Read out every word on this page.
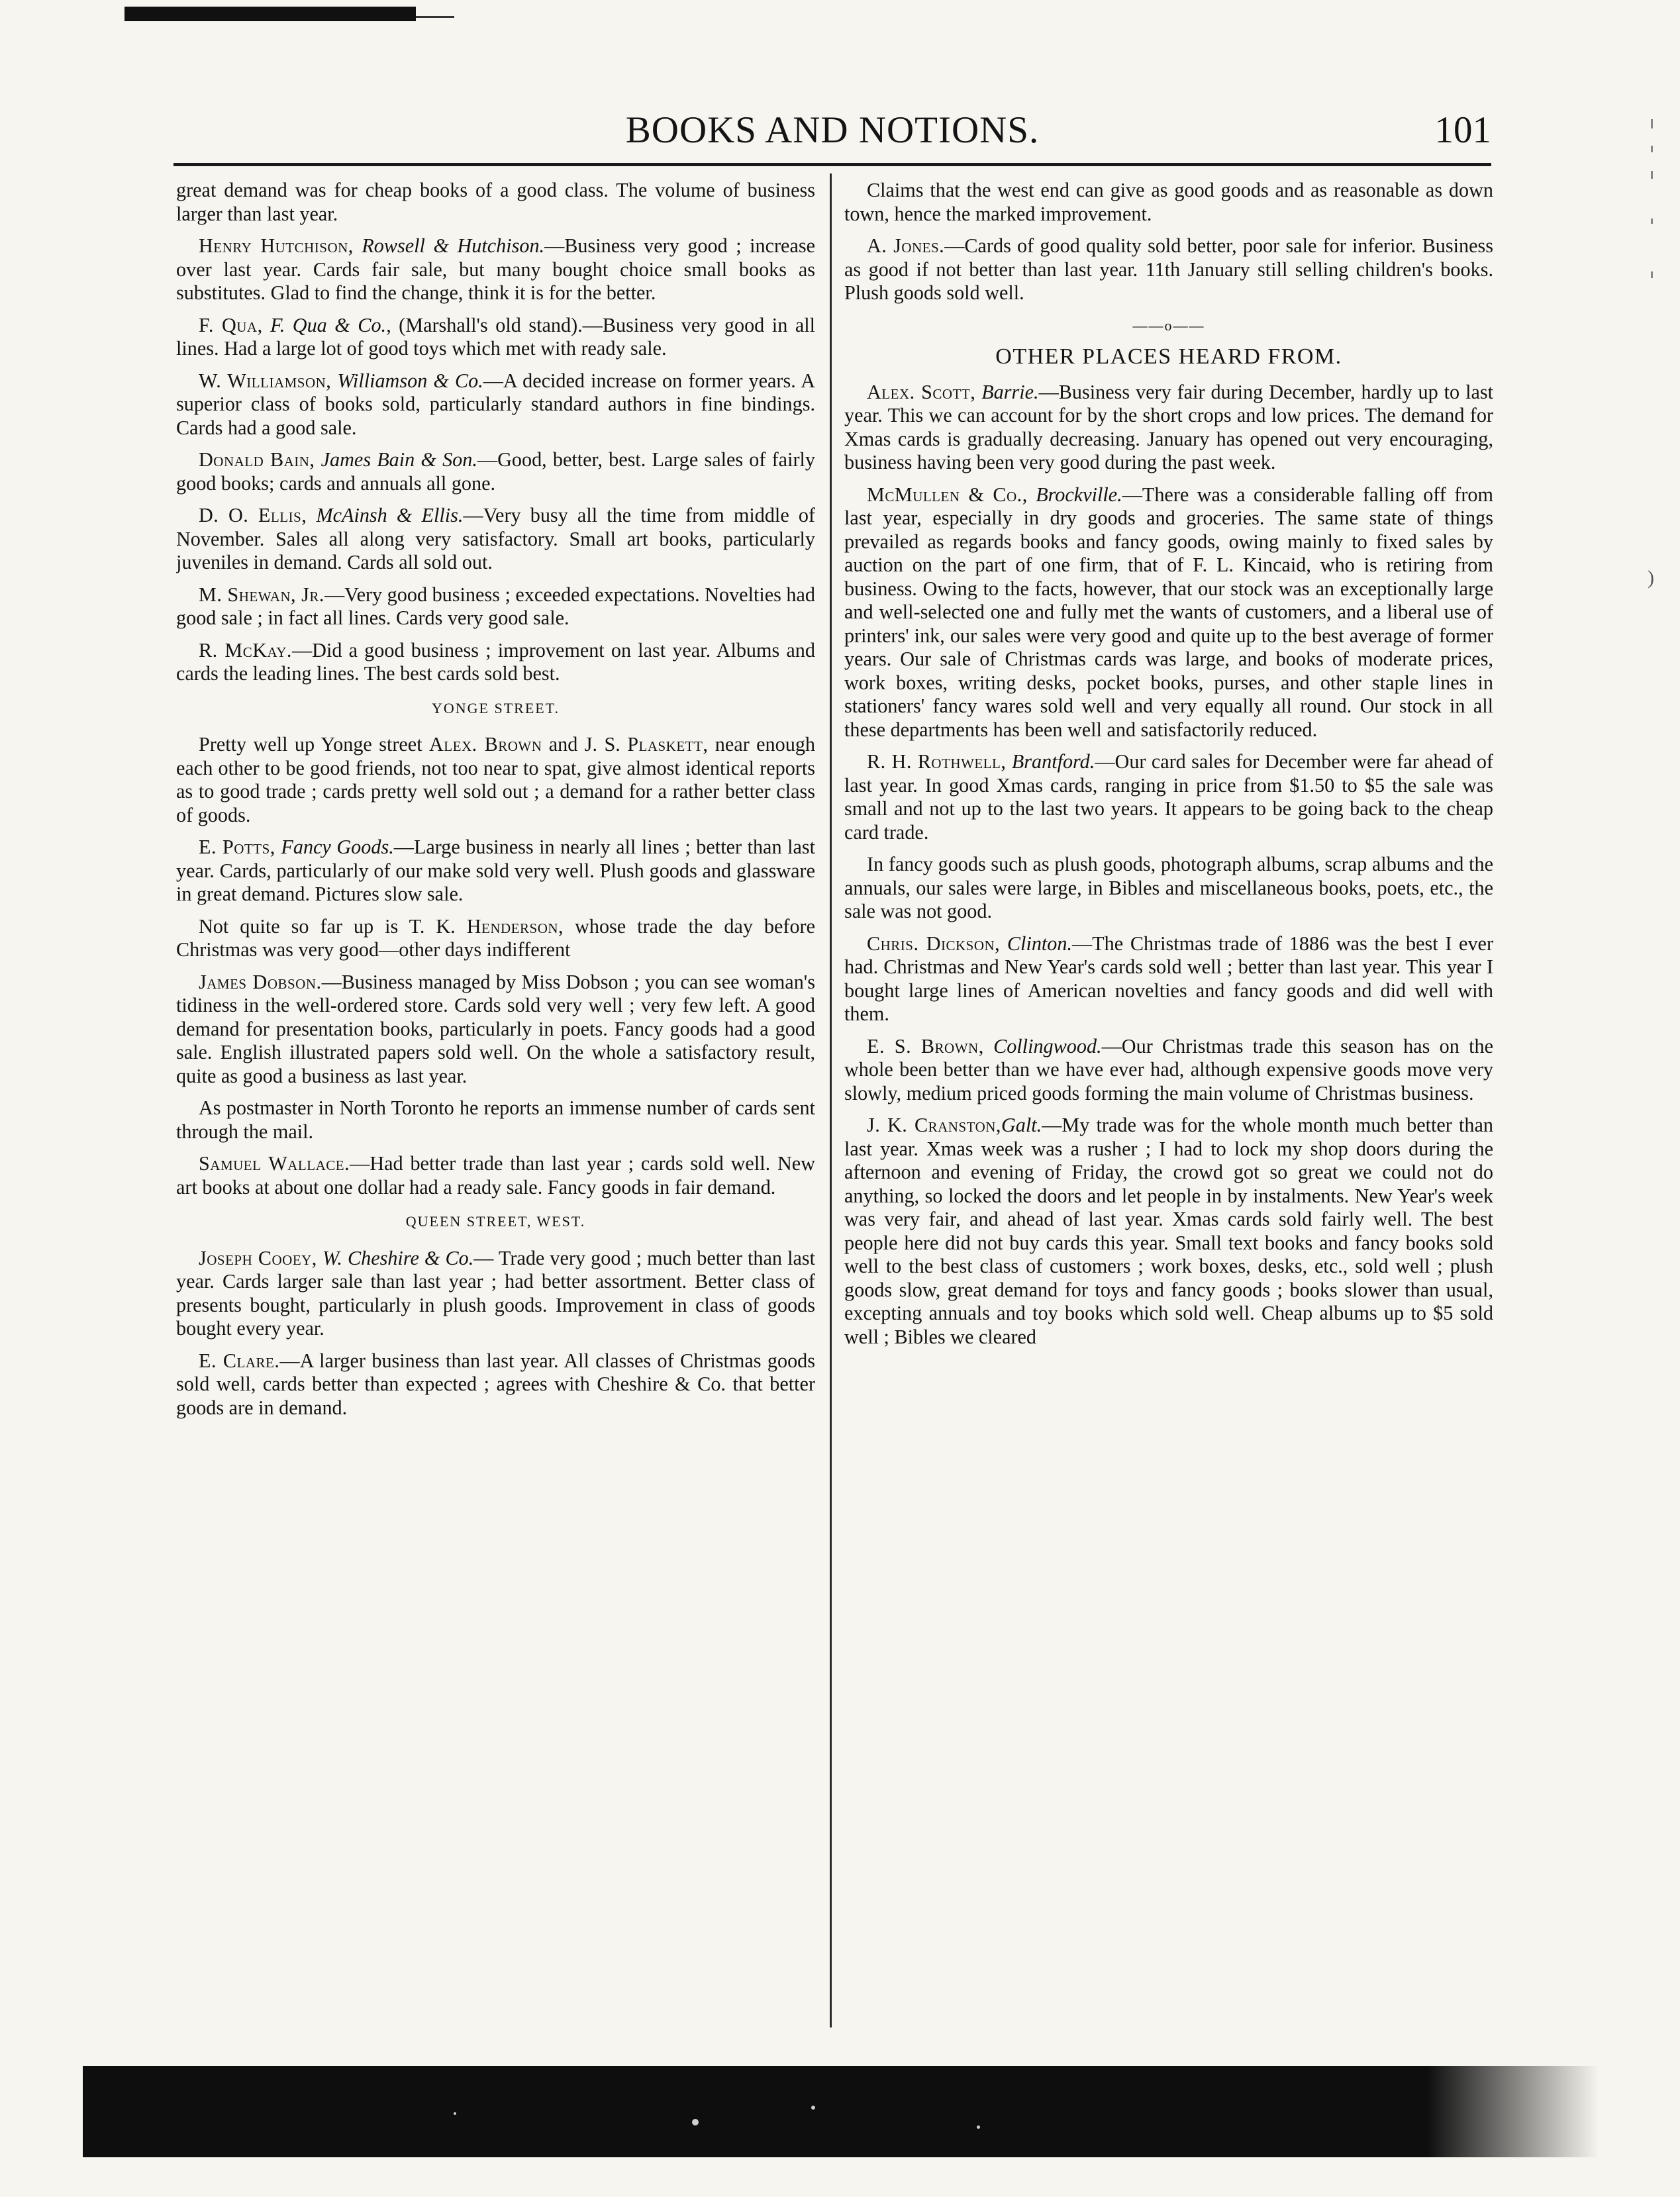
BOOKS AND NOTIONS.	101

great demand was for cheap books of a good class. The volume of business larger than last year.

Henry Hutchison, Rowsell & Hutchison.—Business very good ; increase over last year. Cards fair sale, but many bought choice small books as substitutes. Glad to find the change, think it is for the better.

F. Qua, F. Qua & Co., (Marshall's old stand).—Business very good in all lines. Had a large lot of good toys which met with ready sale.

W. Williamson, Williamson & Co.—A decided increase on former years. A superior class of books sold, particularly standard authors in fine bindings. Cards had a good sale.

Donald Bain, James Bain & Son.—Good, better, best. Large sales of fairly good books; cards and annuals all gone.

D. O. Ellis, McAinsh & Ellis.—Very busy all the time from middle of November. Sales all along very satisfactory. Small art books, particularly juveniles in demand. Cards all sold out.

M. Shewan, Jr.—Very good business ; exceeded expectations. Novelties had good sale ; in fact all lines. Cards very good sale.

R. McKay.—Did a good business ; improvement on last year. Albums and cards the leading lines. The best cards sold best.

YONGE STREET.

Pretty well up Yonge street Alex. Brown and J. S. Plaskett, near enough each other to be good friends, not too near to spat, give almost identical reports as to good trade ; cards pretty well sold out ; a demand for a rather better class of goods.

E. Potts, Fancy Goods.—Large business in nearly all lines ; better than last year. Cards, particularly of our make sold very well. Plush goods and glassware in great demand. Pictures slow sale.

Not quite so far up is T. K. Henderson, whose trade the day before Christmas was very good—other days indifferent

James Dobson.—Business managed by Miss Dobson ; you can see woman's tidiness in the well-ordered store. Cards sold very well ; very few left. A good demand for presentation books, particularly in poets. Fancy goods had a good sale. English illustrated papers sold well. On the whole a satisfactory result, quite as good a business as last year.

As postmaster in North Toronto he reports an immense number of cards sent through the mail.

Samuel Wallace.—Had better trade than last year ; cards sold well. New art books at about one dollar had a ready sale. Fancy goods in fair demand.

QUEEN STREET, WEST.

Joseph Cooey, W. Cheshire & Co.— Trade very good ; much better than last year. Cards larger sale than last year ; had better assortment. Better class of presents bought, particularly in plush goods. Improvement in class of goods bought every year.

E. Clare.—A larger business than last year. All classes of Christmas goods sold well, cards better than expected ; agrees with Cheshire & Co. that better goods are in demand.

Claims that the west end can give as good goods and as reasonable as down town, hence the marked improvement.

A. Jones.—Cards of good quality sold better, poor sale for inferior. Business as good if not better than last year. 11th January still selling children's books. Plush goods sold well.

——o——
OTHER PLACES HEARD FROM.

Alex. Scott, Barrie.—Business very fair during December, hardly up to last year. This we can account for by the short crops and low prices. The demand for Xmas cards is gradually decreasing. January has opened out very encouraging, business having been very good during the past week.

McMullen & Co., Brockville.—There was a considerable falling off from last year, especially in dry goods and groceries. The same state of things prevailed as regards books and fancy goods, owing mainly to fixed sales by auction on the part of one firm, that of F. L. Kincaid, who is retiring from business. Owing to the facts, however, that our stock was an exceptionally large and well-selected one and fully met the wants of customers, and a liberal use of printers' ink, our sales were very good and quite up to the best average of former years. Our sale of Christmas cards was large, and books of moderate prices, work boxes, writing desks, pocket books, purses, and other staple lines in stationers' fancy wares sold well and very equally all round. Our stock in all these departments has been well and satisfactorily reduced.

R. H. Rothwell, Brantford.—Our card sales for December were far ahead of last year. In good Xmas cards, ranging in price from $1.50 to $5 the sale was small and not up to the last two years. It appears to be going back to the cheap card trade.

In fancy goods such as plush goods, photograph albums, scrap albums and the annuals, our sales were large, in Bibles and miscellaneous books, poets, etc., the sale was not good.

Chris. Dickson, Clinton.—The Christmas trade of 1886 was the best I ever had. Christmas and New Year's cards sold well ; better than last year. This year I bought large lines of American novelties and fancy goods and did well with them.

E. S. Brown, Collingwood.—Our Christmas trade this season has on the whole been better than we have ever had, although expensive goods move very slowly, medium priced goods forming the main volume of Christmas business.

J. K. Cranston,Galt.—My trade was for the whole month much better than last year. Xmas week was a rusher ; I had to lock my shop doors during the afternoon and evening of Friday, the crowd got so great we could not do anything, so locked the doors and let people in by instalments. New Year's week was very fair, and ahead of last year. Xmas cards sold fairly well. The best people here did not buy cards this year. Small text books and fancy books sold well to the best class of customers ; work boxes, desks, etc., sold well ; plush goods slow, great demand for toys and fancy goods ; books slower than usual, excepting annuals and toy books which sold well. Cheap albums up to $5 sold well ; Bibles we cleared

)
